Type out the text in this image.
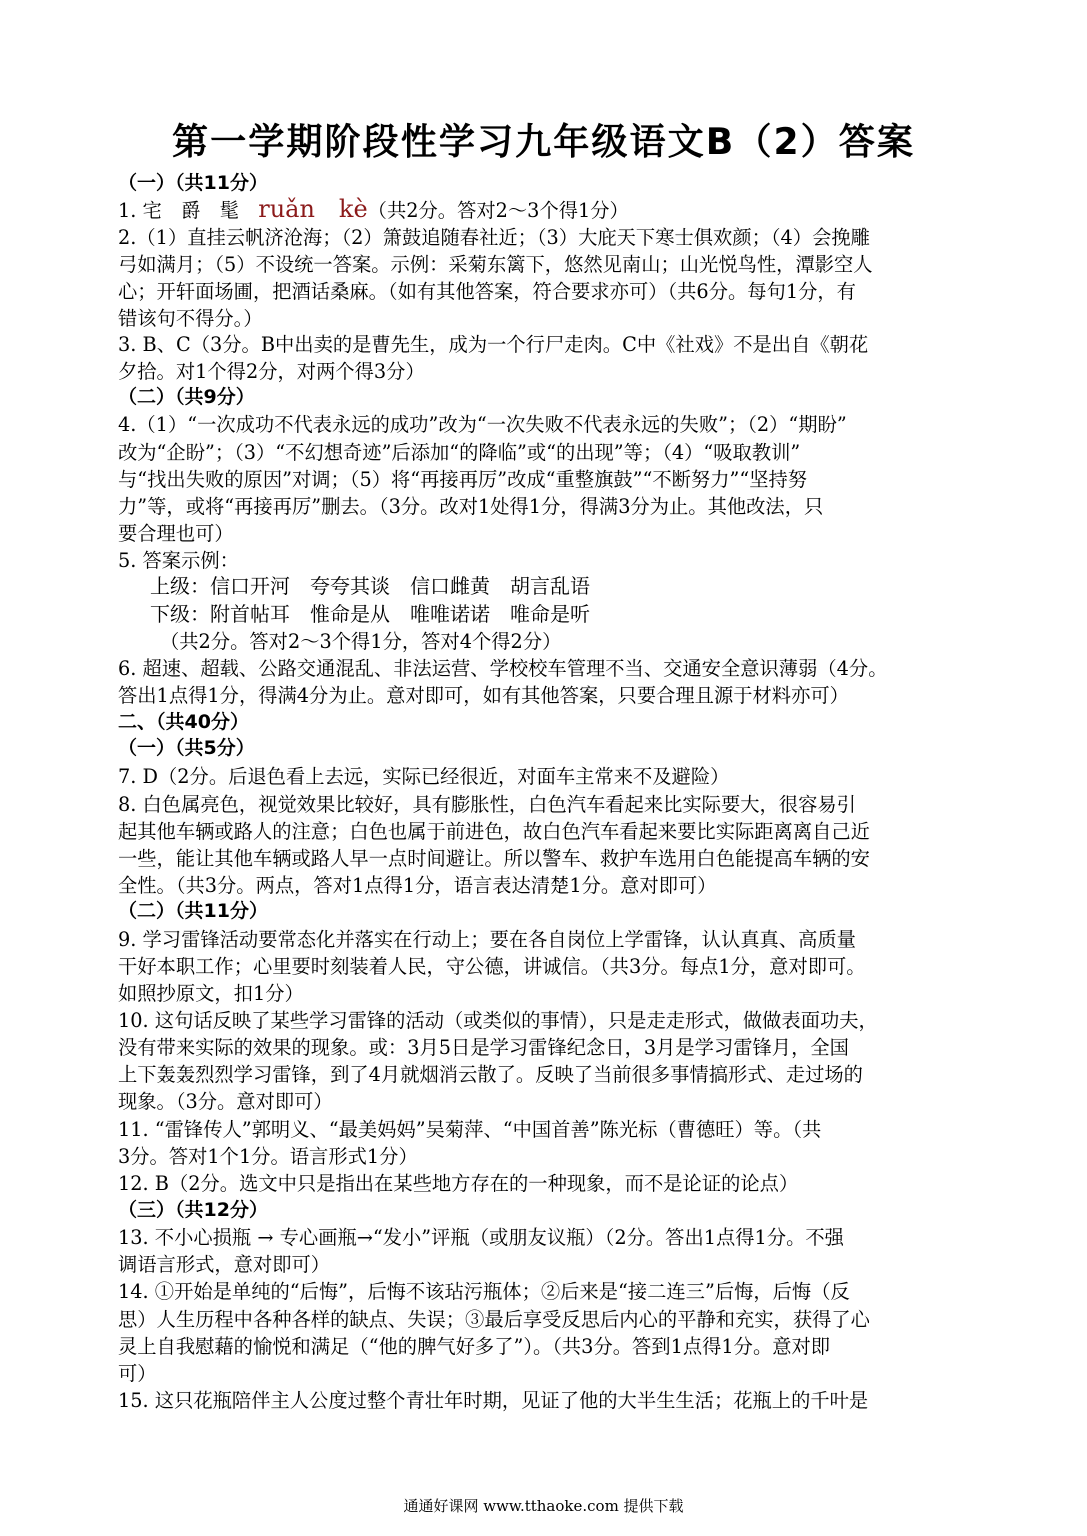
第一学期阶段性学习九年级语文B（2）答案
（一）（共11分）
1. 宅　爵　髦　 ruǎn　kè（共2分。答对2～3个得1分）
2.（1）直挂云帆济沧海；（2）箫鼓追随春社近；（3）大庇天下寒士俱欢颜；（4）会挽雕
弓如满月；（5）不设统一答案。示例：采菊东篱下，悠然见南山；山光悦鸟性，潭影空人
心；开轩面场圃，把酒话桑麻。（如有其他答案，符合要求亦可）（共6分。每句1分，有
错该句不得分。）
3. B、C（3分。B中出卖的是曹先生，成为一个行尸走肉。C中《社戏》不是出自《朝花
夕拾。对1个得2分，对两个得3分）
（二）（共9分）
4.（1）“一次成功不代表永远的成功”改为“一次失败不代表永远的失败”；（2）“期盼”
改为“企盼”；（3）“不幻想奇迹”后添加“的降临”或“的出现”等；（4）“吸取教训”
与“找出失败的原因”对调；（5）将“再接再厉”改成“重整旗鼓”“不断努力”“坚持努
力”等，或将“再接再厉”删去。（3分。改对1处得1分，得满3分为止。其他改法，只
要合理也可）
5. 答案示例：
上级：信口开河　夸夸其谈　信口雌黄　胡言乱语
下级：附首帖耳　惟命是从　唯唯诺诺　唯命是听
（共2分。答对2～3个得1分，答对4个得2分）
6. 超速、超载、公路交通混乱、非法运营、学校校车管理不当、交通安全意识薄弱（4分。
答出1点得1分，得满4分为止。意对即可，如有其他答案，只要合理且源于材料亦可）
二、（共40分）
（一）（共5分）
7. D（2分。后退色看上去远，实际已经很近，对面车主常来不及避险）
8. 白色属亮色，视觉效果比较好，具有膨胀性，白色汽车看起来比实际要大，很容易引
起其他车辆或路人的注意；白色也属于前进色，故白色汽车看起来要比实际距离离自己近
一些，能让其他车辆或路人早一点时间避让。所以警车、救护车选用白色能提高车辆的安
全性。（共3分。两点，答对1点得1分，语言表达清楚1分。意对即可）
（二）（共11分）
9. 学习雷锋活动要常态化并落实在行动上；要在各自岗位上学雷锋，认认真真、高质量
干好本职工作；心里要时刻装着人民，守公德，讲诚信。（共3分。每点1分，意对即可。
如照抄原文，扣1分）
10. 这句话反映了某些学习雷锋的活动（或类似的事情），只是走走形式，做做表面功夫，
没有带来实际的效果的现象。或：3月5日是学习雷锋纪念日，3月是学习雷锋月，全国
上下轰轰烈烈学习雷锋，到了4月就烟消云散了。反映了当前很多事情搞形式、走过场的
现象。（3分。意对即可）
11. “雷锋传人”郭明义、“最美妈妈”吴菊萍、“中国首善”陈光标（曹德旺）等。（共
3分。答对1个1分。语言形式1分）
12. B（2分。选文中只是指出在某些地方存在的一种现象，而不是论证的论点）
（三）（共12分）
13. 不小心损瓶 → 专心画瓶→“发小”评瓶（或朋友议瓶）（2分。答出1点得1分。不强
调语言形式，意对即可）
14. ①开始是单纯的“后悔”，后悔不该玷污瓶体；②后来是“接二连三”后悔，后悔（反
思）人生历程中各种各样的缺点、失误；③最后享受反思后内心的平静和充实，获得了心
灵上自我慰藉的愉悦和满足（“他的脾气好多了”）。（共3分。答到1点得1分。意对即
可）
15. 这只花瓶陪伴主人公度过整个青壮年时期，见证了他的大半生生活；花瓶上的千叶是
通通好课网 www.tthaoke.com 提供下载
